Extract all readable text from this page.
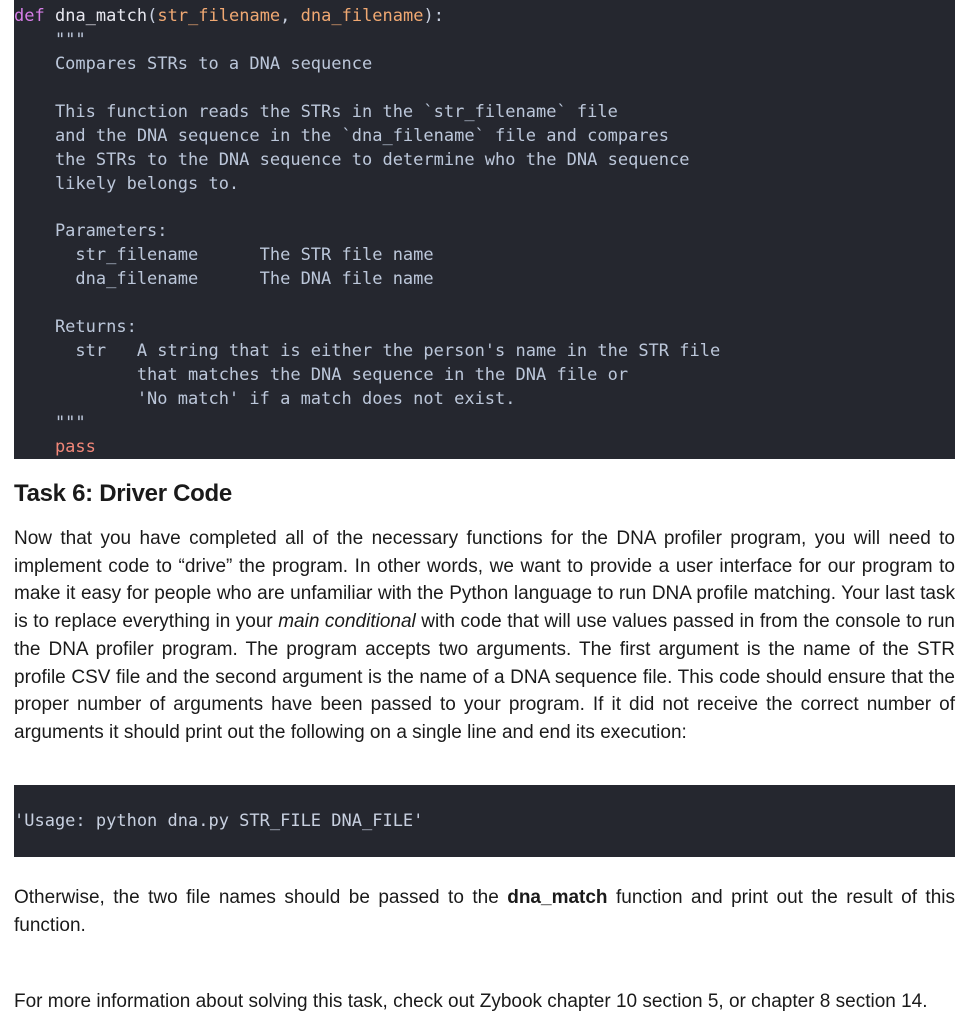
def dna_match(str_filename, dna_filename):
"""
Compares STRs to a DNA sequence
This function reads the STRs in the `str_filename` file
and the DNA sequence in the `dna_filename` file and compares
the STRs to the DNA sequence to determine who the DNA sequence
likely belongs to.
Parameters:
str_filename      The STR file name
dna_filename      The DNA file name
Returns:
str   A string that is either the person's name in the STR file
that matches the DNA sequence in the DNA file or
'No match' if a match does not exist.
"""
pass
Task 6: Driver Code

Now that you have completed all of the necessary functions for the DNA profiler program, you will need to implement code to “drive” the program. In other words, we want to provide a user interface for our program to make it easy for people who are unfamiliar with the Python language to run DNA profile matching. Your last task is to replace everything in your main conditional with code that will use values passed in from the console to run the DNA profiler program. The program accepts two arguments. The first argument is the name of the STR profile CSV file and the second argument is the name of a DNA sequence file. This code should ensure that the proper number of arguments have been passed to your program. If it did not receive the correct number of arguments it should print out the following on a single line and end its execution:

'Usage: python dna.py STR_FILE DNA_FILE'

Otherwise, the two file names should be passed to the dna_match function and print out the result of this function.

For more information about solving this task, check out Zybook chapter 10 section 5, or chapter 8 section 14.
